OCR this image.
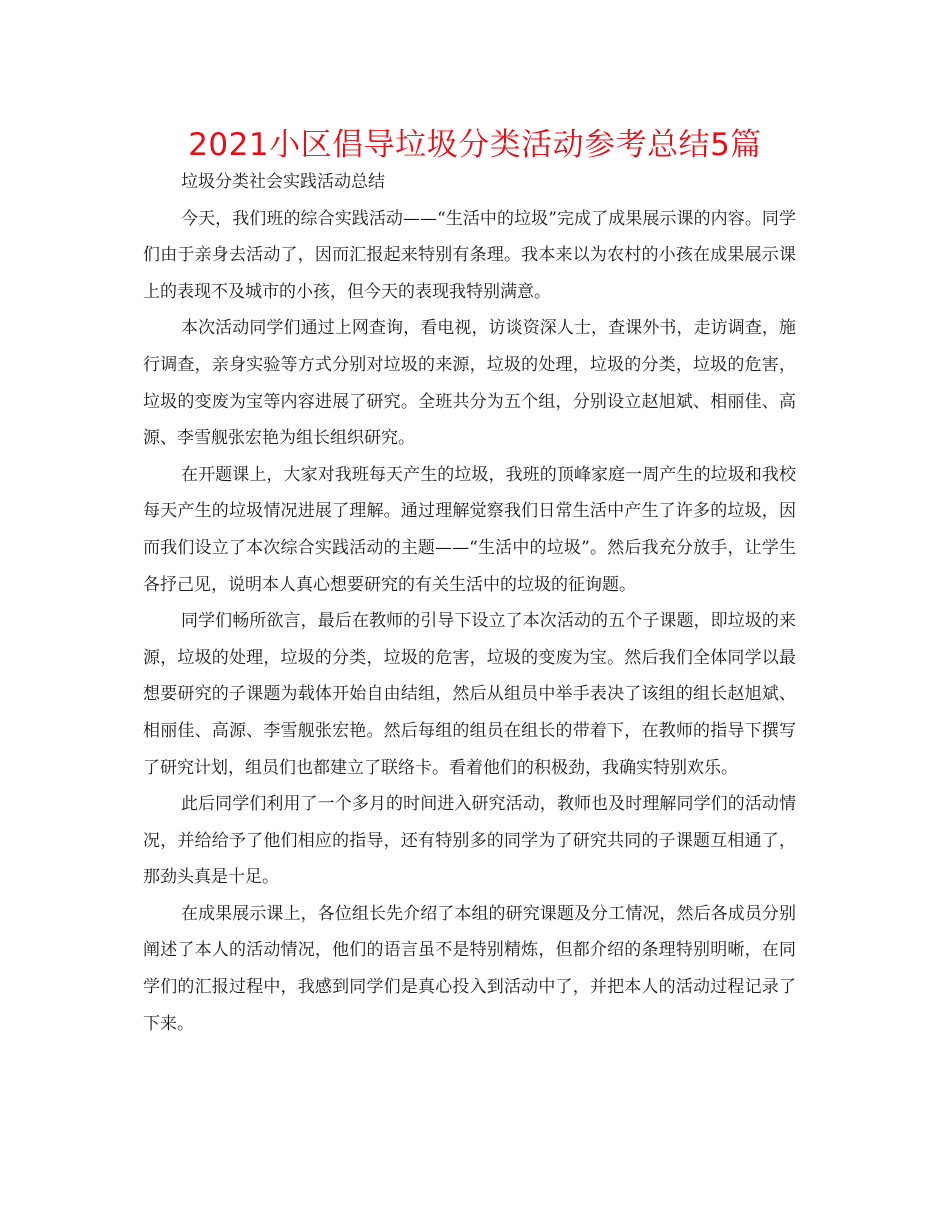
2021小区倡导垃圾分类活动参考总结5篇

垃圾分类社会实践活动总结

今天，我们班的综合实践活动——“生活中的垃圾”完成了成果展示课的内容。同学们由于亲身去活动了，因而汇报起来特别有条理。我本来以为农村的小孩在成果展示课上的表现不及城市的小孩，但今天的表现我特别满意。

本次活动同学们通过上网查询，看电视，访谈资深人士，查课外书，走访调查，施行调查，亲身实验等方式分别对垃圾的来源，垃圾的处理，垃圾的分类，垃圾的危害，垃圾的变废为宝等内容进展了研究。全班共分为五个组，分别设立赵旭斌、相丽佳、高源、李雪舰张宏艳为组长组织研究。

在开题课上，大家对我班每天产生的垃圾，我班的顶峰家庭一周产生的垃圾和我校每天产生的垃圾情况进展了理解。通过理解觉察我们日常生活中产生了许多的垃圾，因而我们设立了本次综合实践活动的主题——“生活中的垃圾”。然后我充分放手，让学生各抒己见，说明本人真心想要研究的有关生活中的垃圾的征询题。

同学们畅所欲言，最后在教师的引导下设立了本次活动的五个子课题，即垃圾的来源，垃圾的处理，垃圾的分类，垃圾的危害，垃圾的变废为宝。然后我们全体同学以最想要研究的子课题为载体开始自由结组，然后从组员中举手表决了该组的组长赵旭斌、相丽佳、高源、李雪舰张宏艳。然后每组的组员在组长的带着下，在教师的指导下撰写了研究计划，组员们也都建立了联络卡。看着他们的积极劲，我确实特别欢乐。

此后同学们利用了一个多月的时间进入研究活动，教师也及时理解同学们的活动情况，并给给予了他们相应的指导，还有特别多的同学为了研究共同的子课题互相通了，那劲头真是十足。

在成果展示课上，各位组长先介绍了本组的研究课题及分工情况，然后各成员分别阐述了本人的活动情况，他们的语言虽不是特别精炼，但都介绍的条理特别明晰，在同学们的汇报过程中，我感到同学们是真心投入到活动中了，并把本人的活动过程记录了下来。
